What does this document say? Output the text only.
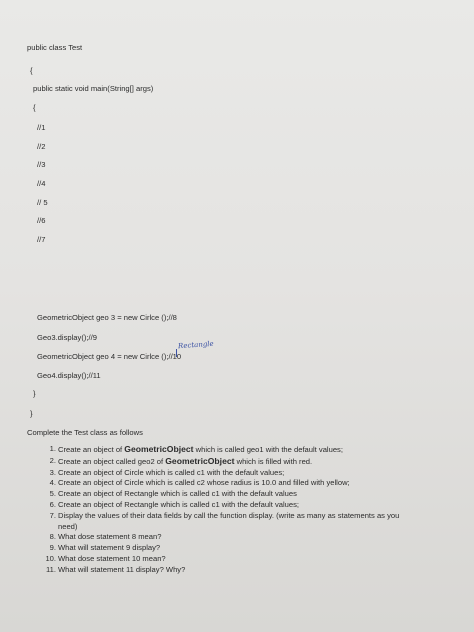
public class Test
{
public static void main(String[] args)
{
//1
//2
//3
//4
// 5
//6
//7
GeometricObject geo 3 = new Cirlce ();//8
Geo3.display();//9
Rectangle
GeometricObject geo 4 = new Cirlce ();//10
Geo4.display();//11
}
}
Complete the Test class as follows
1. Create an object of GeometricObject which is called geo1 with the default values;
2. Create an object called geo2 of GeometricObject which is filled with red.
3. Create an object of Circle which is called c1 with the default values;
4. Create an object of Circle which is called c2 whose radius is 10.0 and filled with yellow;
5. Create an object of Rectangle which is called c1 with the default values
6. Create an object of Rectangle which is called c1 with the default values;
7. Display the values of their data fields by call the function display. (write as many as statements as you need)
8. What dose statement 8 mean?
9. What will statement 9 display?
10. What dose statement 10 mean?
11. What will statement 11 display? Why?
